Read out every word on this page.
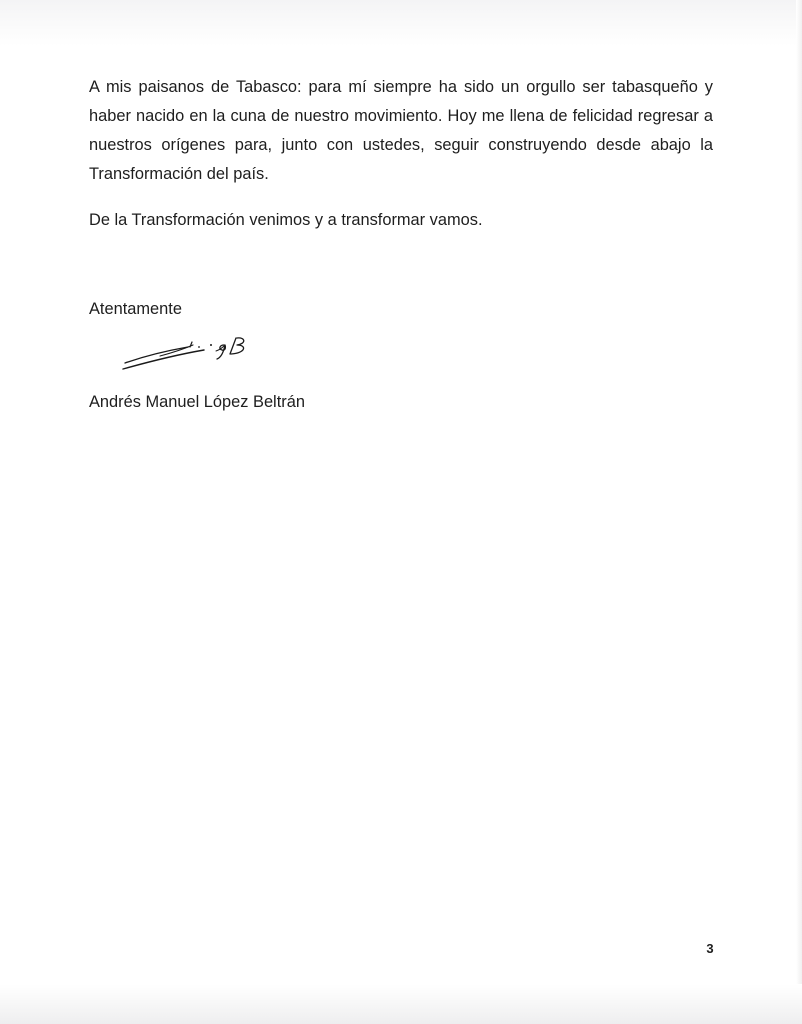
A mis paisanos de Tabasco: para mí siempre ha sido un orgullo ser tabasqueño y haber nacido en la cuna de nuestro movimiento. Hoy me llena de felicidad regresar a nuestros orígenes para, junto con ustedes, seguir construyendo desde abajo la Transformación del país.

De la Transformación venimos y a transformar vamos.

Atentamente

Andrés Manuel López Beltrán

3
